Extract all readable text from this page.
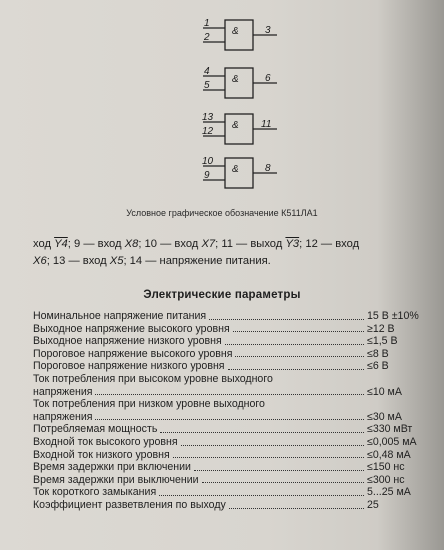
&
&
&
&
1
2
3
4
5
6
13
12
11
10
9
8
Условное графическое обозначение К511ЛА1
ход Y4; 9 — вход X8; 10 — вход X7; 11 — выход Y3; 12 — вход
X6; 13 — вход X5; 14 — напряжение питания.
Электрические параметры
Номинальное напряжение питания	15 В ±10%
Выходное напряжение высокого уровня	≥12 В
Выходное напряжение низкого уровня	≤1,5 В
Пороговое напряжение высокого уровня	≤8 В
Пороговое напряжение низкого уровня	≤6 В
Ток потребления при высоком уровне выходного
напряжения	≤10 мА
Ток потребления при низком уровне выходного
напряжения	≤30 мА
Потребляемая мощность	≤330 мВт
Входной ток высокого уровня	≤0,005 мА
Входной ток низкого уровня	≤0,48 мА
Время задержки при включении	≤150 нс
Время задержки при выключении	≤300 нс
Ток короткого замыкания	5...25 мА
Коэффициент разветвления по выходу	25
